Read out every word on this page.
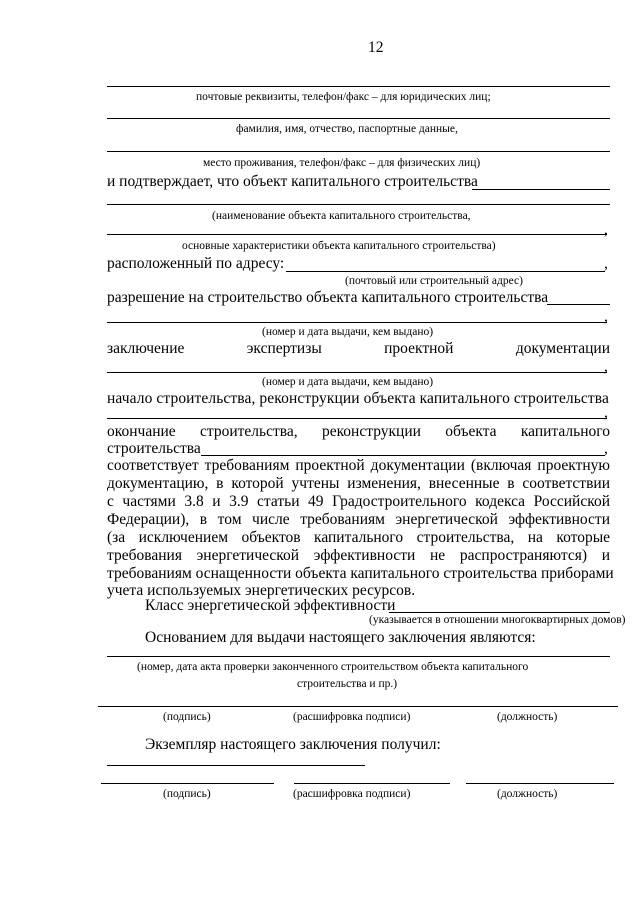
12
почтовые реквизиты, телефон/факс – для юридических лиц;
фамилия, имя, отчество, паспортные данные,
место проживания, телефон/факс – для физических лиц)
и подтверждает, что объект капитального строительства
(наименование объекта капитального строительства,
,
основные характеристики объекта капитального строительства)
расположенный по адресу:	,
(почтовый или строительный адрес)
разрешение на строительство объекта капитального строительства
,
(номер и дата выдачи, кем выдано)
заключение	экспертизы	проектной	документации
,
(номер и дата выдачи, кем выдано)
начало строительства, реконструкции объекта капитального строительства
,
окончание строительства, реконструкции объекта капитального
строительства	,
соответствует требованиям проектной документации (включая проектную
документацию, в которой учтены изменения, внесенные в соответствии
с частями 3.8 и 3.9 статьи 49 Градостроительного кодекса Российской
Федерации), в том числе требованиям энергетической эффективности
(за исключением объектов капитального строительства, на которые
требования энергетической эффективности не распространяются) и
требованиям оснащенности объекта капитального строительства приборами
учета используемых энергетических ресурсов.
Класс энергетической эффективности
(указывается в отношении многоквартирных домов)
Основанием для выдачи настоящего заключения являются:
(номер, дата акта проверки законченного строительством объекта капитального
строительства и пр.)
(подпись)	(расшифровка подписи)	(должность)
Экземпляр настоящего заключения получил:
(подпись)	(расшифровка подписи)	(должность)
